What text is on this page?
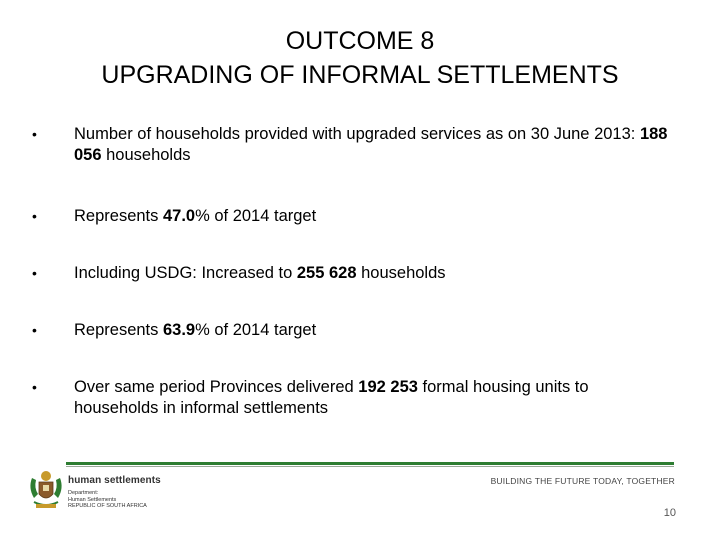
OUTCOME 8
UPGRADING OF INFORMAL SETTLEMENTS
•	Number of households provided with upgraded services as on 30 June 2013: 188 056 households
•	Represents 47.0% of 2014 target
•	Including USDG: Increased to 255 628 households
•	Represents 63.9% of 2014 target
•	Over same period Provinces delivered 192 253 formal housing units to households in informal settlements
human settlements
Department:
Human Settlements
REPUBLIC OF SOUTH AFRICA
BUILDING THE FUTURE TODAY, TOGETHER
10
